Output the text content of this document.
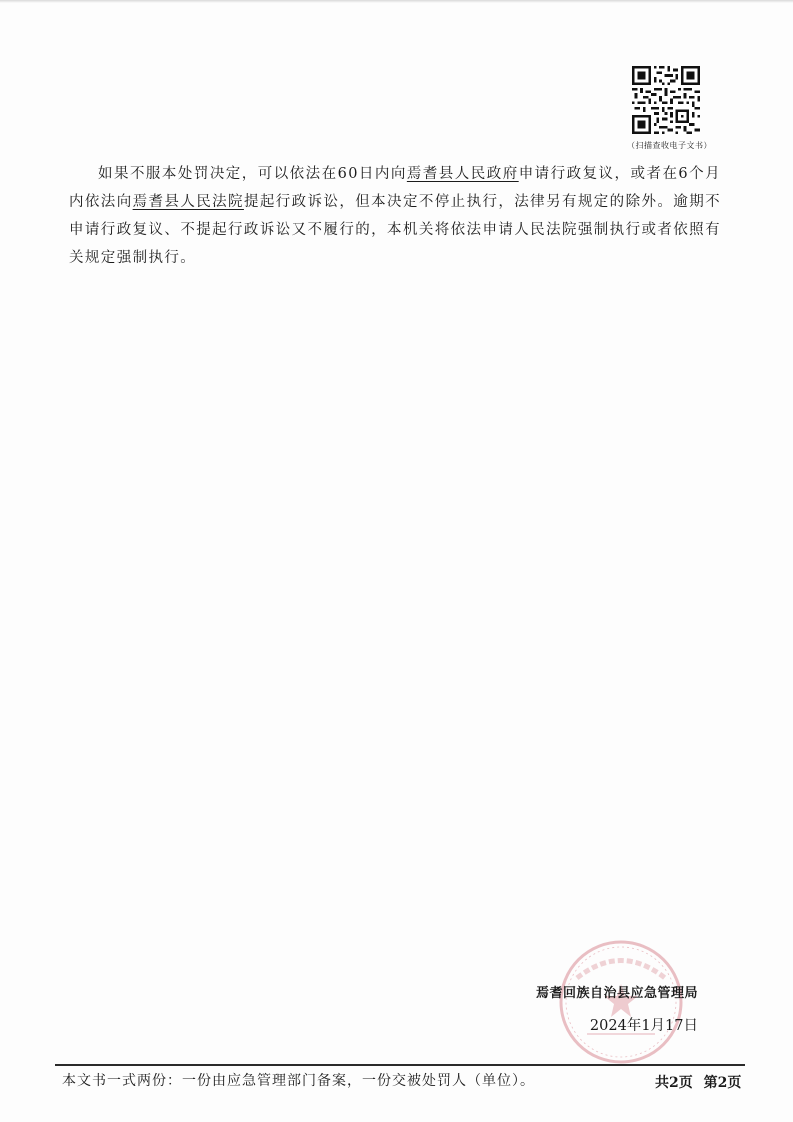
（扫描查收电子文书）

如果不服本处罚决定，可以依法在60日内向焉耆县人民政府申请行政复议，或者在6个月内依法向焉耆县人民法院提起行政诉讼，但本决定不停止执行，法律另有规定的除外。逾期不申请行政复议、不提起行政诉讼又不履行的，本机关将依法申请人民法院强制执行或者依照有关规定强制执行。

焉耆回族自治县应急管理局
2024年1月17日
本文书一式两份：一份由应急管理部门备案，一份交被处罚人（单位）。	共2页 第2页
